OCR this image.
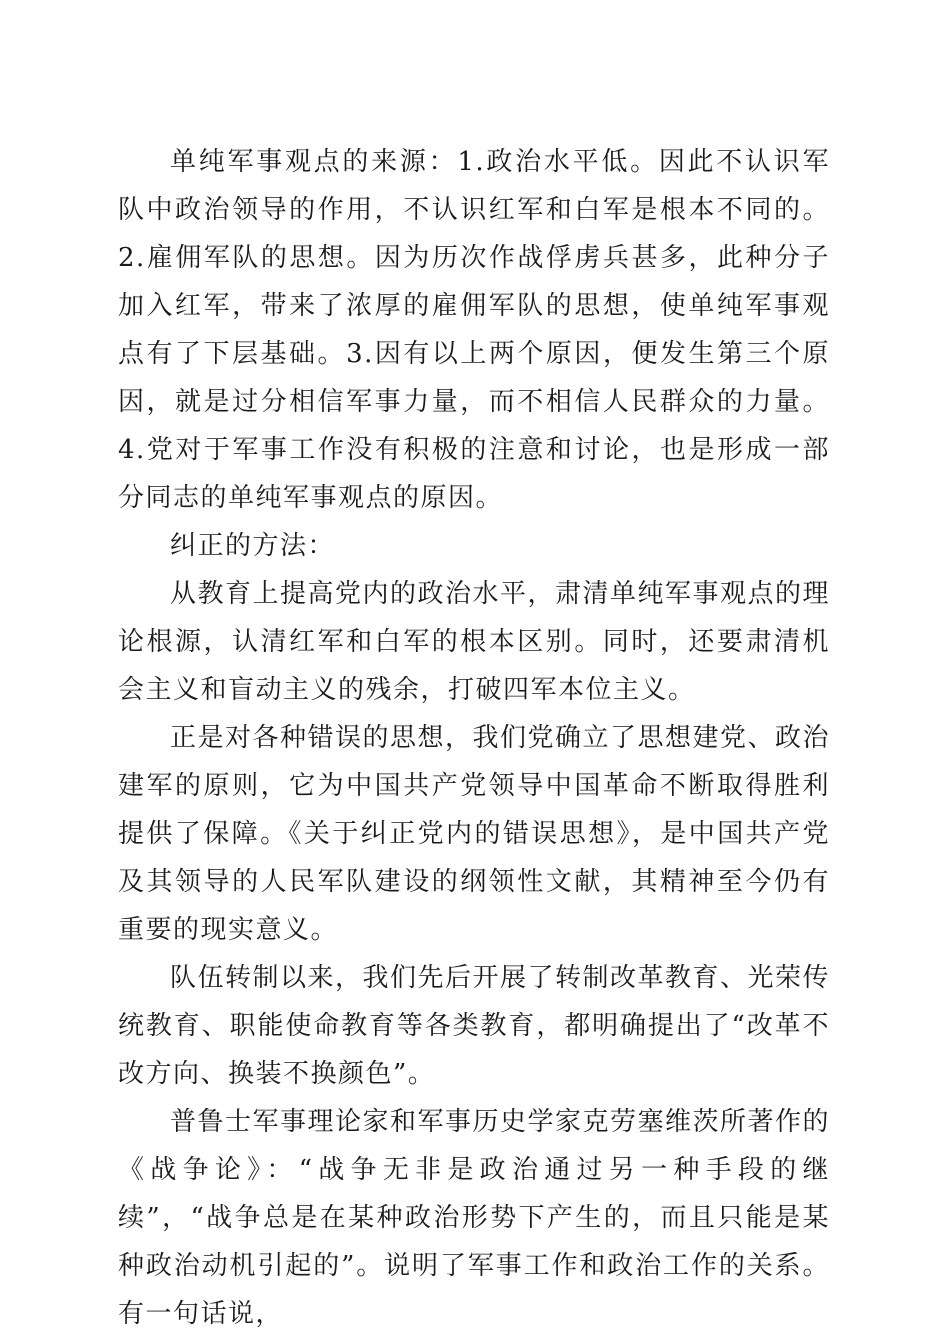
单纯军事观点的来源：1.政治水平低。因此不认识军队中政治领导的作用，不认识红军和白军是根本不同的。2.雇佣军队的思想。因为历次作战俘虏兵甚多，此种分子加入红军，带来了浓厚的雇佣军队的思想，使单纯军事观点有了下层基础。3.因有以上两个原因，便发生第三个原因，就是过分相信军事力量，而不相信人民群众的力量。4.党对于军事工作没有积极的注意和讨论，也是形成一部分同志的单纯军事观点的原因。

纠正的方法：

从教育上提高党内的政治水平，肃清单纯军事观点的理论根源，认清红军和白军的根本区别。同时，还要肃清机会主义和盲动主义的残余，打破四军本位主义。

正是对各种错误的思想，我们党确立了思想建党、政治建军的原则，它为中国共产党领导中国革命不断取得胜利提供了保障。《关于纠正党内的错误思想》，是中国共产党及其领导的人民军队建设的纲领性文献，其精神至今仍有重要的现实意义。

队伍转制以来，我们先后开展了转制改革教育、光荣传统教育、职能使命教育等各类教育，都明确提出了“改革不改方向、换装不换颜色”。

普鲁士军事理论家和军事历史学家克劳塞维茨所著作的《战争论》：“战争无非是政治通过另一种手段的继续”，“战争总是在某种政治形势下产生的，而且只能是某种政治动机引起的”。说明了军事工作和政治工作的关系。有一句话说，
